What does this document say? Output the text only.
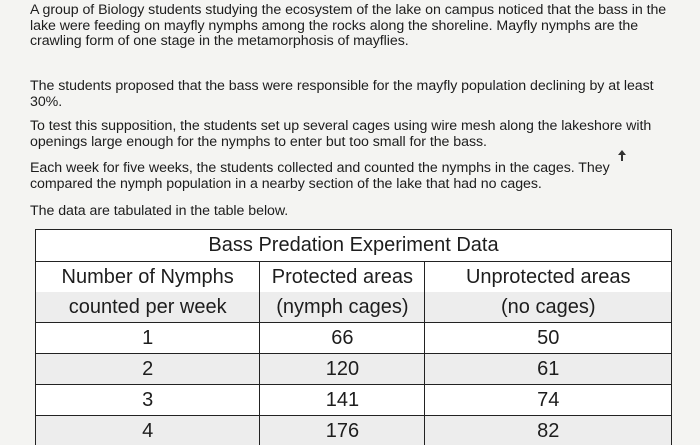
A group of Biology students studying the ecosystem of the lake on campus noticed that the bass in the lake were feeding on mayfly nymphs among the rocks along the shoreline. Mayfly nymphs are the crawling form of one stage in the metamorphosis of mayflies.

The students proposed that the bass were responsible for the mayfly population declining by at least 30%.

To test this supposition, the students set up several cages using wire mesh along the lakeshore with openings large enough for the nymphs to enter but too small for the bass.

Each week for five weeks, the students collected and counted the nymphs in the cages. They compared the nymph population in a nearby section of the lake that had no cages.

The data are tabulated in the table below.

Bass Predation Experiment Data		
Number of Nymphs	Protected areas	Unprotected areas
counted per week	(nymph cages)	(no cages)
1	66	50
2	120	61
3	141	74
4	176	82
